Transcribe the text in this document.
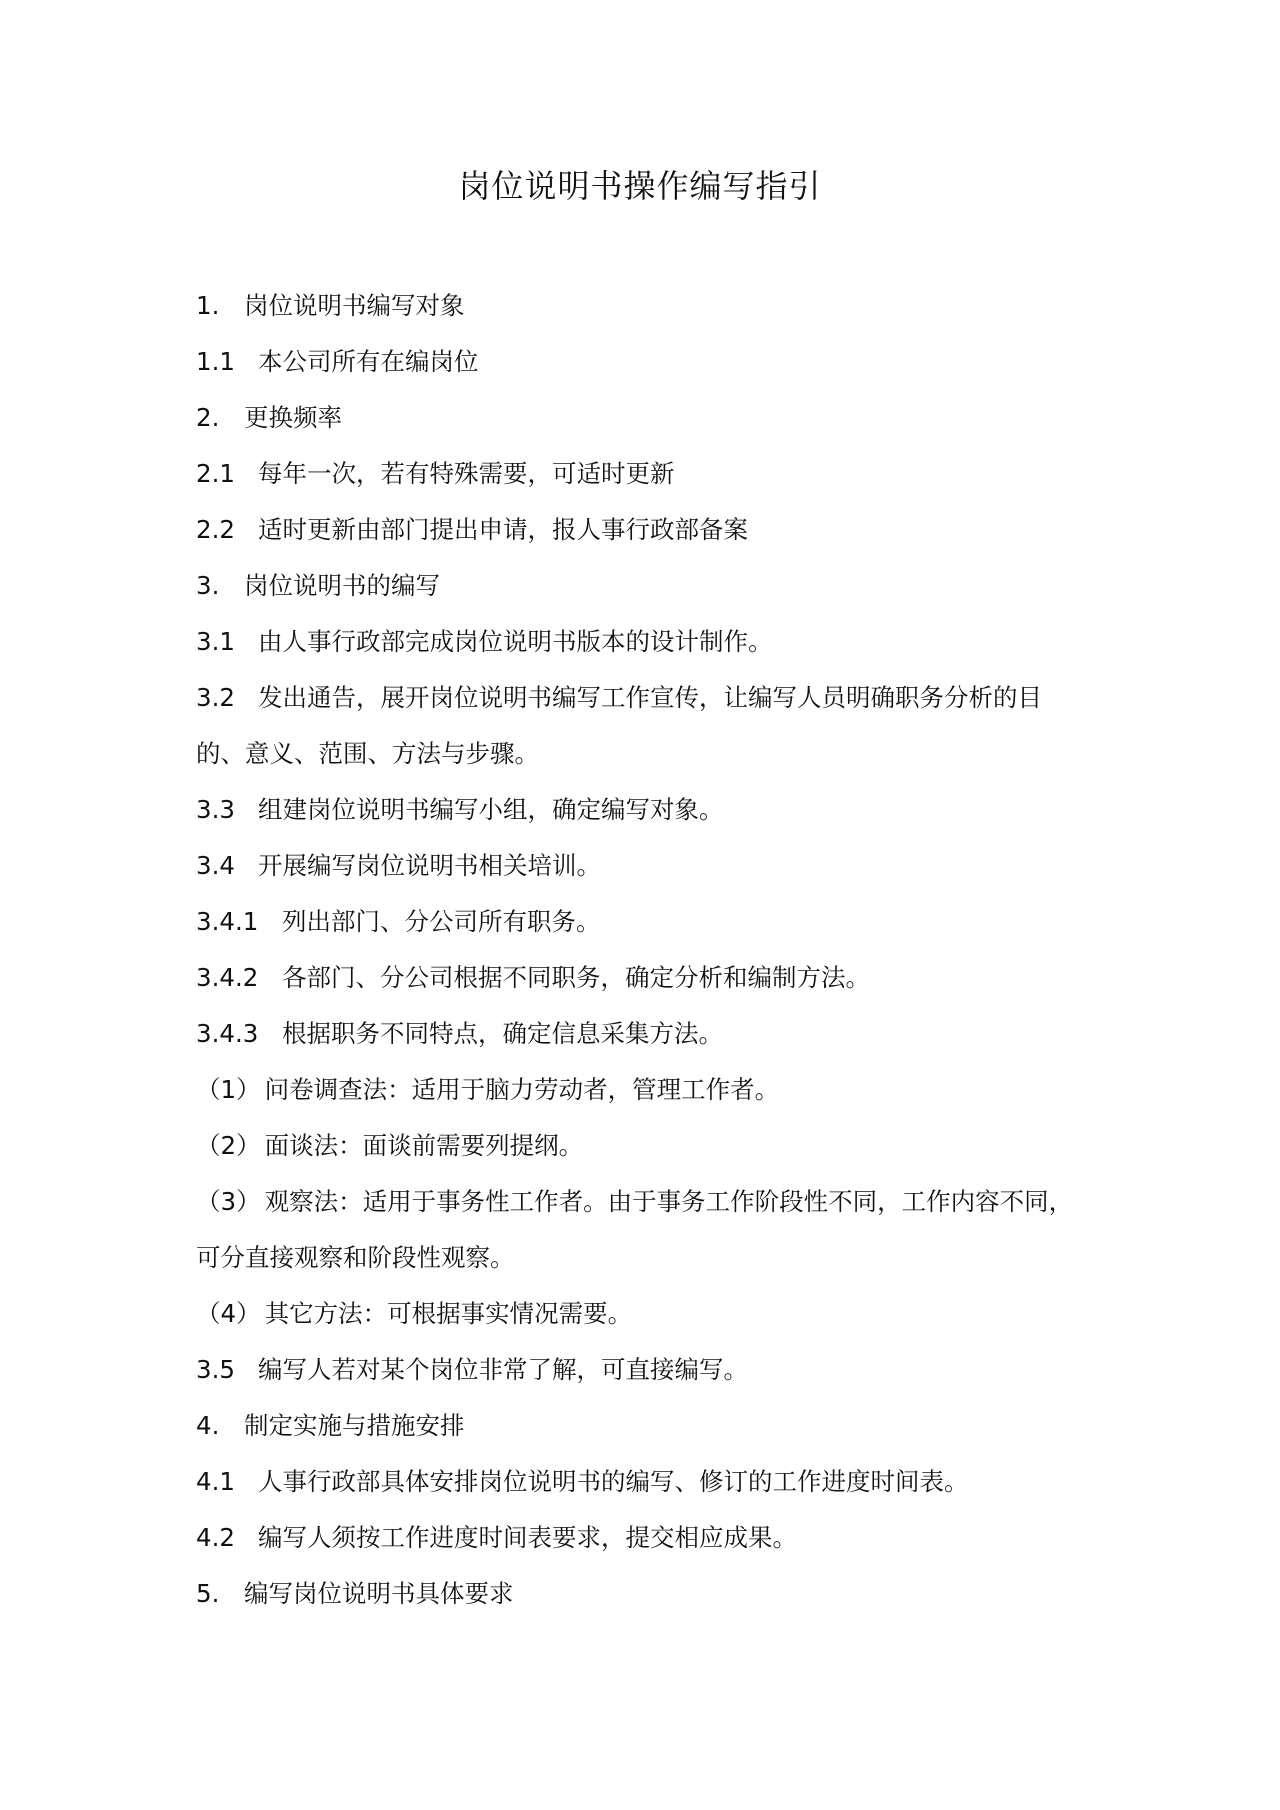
岗位说明书操作编写指引
1.	岗位说明书编写对象
1.1 本公司所有在编岗位
2.	更换频率
2.1 每年一次，若有特殊需要，可适时更新
2.2 适时更新由部门提出申请，报人事行政部备案
3.	岗位说明书的编写
3.1 由人事行政部完成岗位说明书版本的设计制作。
3.2 发出通告，展开岗位说明书编写工作宣传，让编写人员明确职务分析的目
的、意义、范围、方法与步骤。
3.3 组建岗位说明书编写小组，确定编写对象。
3.4 开展编写岗位说明书相关培训。
3.4.1 列出部门、分公司所有职务。
3.4.2 各部门、分公司根据不同职务，确定分析和编制方法。
3.4.3 根据职务不同特点，确定信息采集方法。
（1） 问卷调查法：适用于脑力劳动者，管理工作者。
（2） 面谈法：面谈前需要列提纲。
（3） 观察法：适用于事务性工作者。由于事务工作阶段性不同，工作内容不同，
可分直接观察和阶段性观察。
（4） 其它方法：可根据事实情况需要。
3.5 编写人若对某个岗位非常了解，可直接编写。
4.	制定实施与措施安排
4.1 人事行政部具体安排岗位说明书的编写、修订的工作进度时间表。
4.2 编写人须按工作进度时间表要求，提交相应成果。
5.	编写岗位说明书具体要求
